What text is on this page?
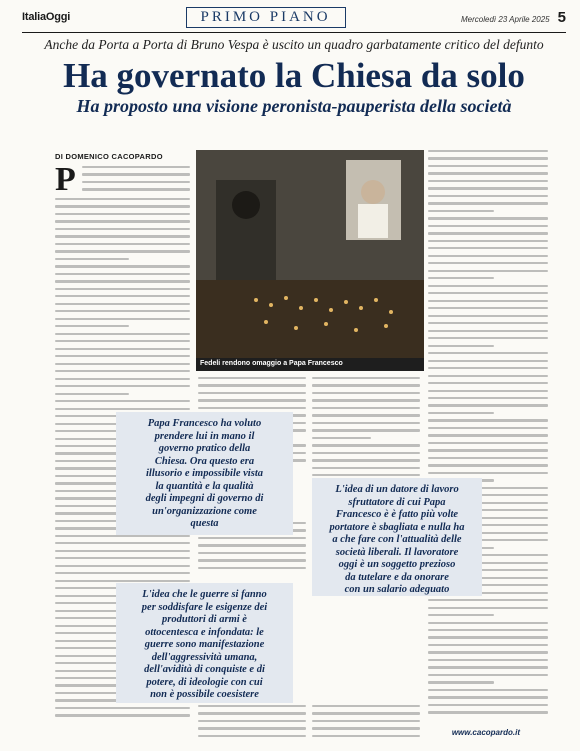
ItaliaOggi	PRIMO PIANO	Mercoledì 23 Aprile 2025 5
Anche da Porta a Porta di Bruno Vespa è uscito un quadro garbatamente critico del defunto
Ha governato la Chiesa da solo
Ha proposto una visione peronista-pauperista della società
DI DOMENICO CACOPARDO
P
Fedeli rendono omaggio a Papa Francesco
Papa Francesco ha voluto
prendere lui in mano il
governo pratico della
Chiesa. Ora questo era
illusorio e impossibile vista
la quantità e la qualità
degli impegni di governo di
un'organizzazione come
questa
L'idea che le guerre si fanno
per soddisfare le esigenze dei
produttori di armi è
ottocentesca e infondata: le
guerre sono manifestazione
dell'aggressività umana,
dell'avidità di conquiste e di
potere, di ideologie con cui
non è possibile coesistere
L'idea di un datore di lavoro
sfruttatore di cui Papa
Francesco è è fatto più volte
portatore è sbagliata e nulla ha
a che fare con l'attualità delle
società liberali. Il lavoratore
oggi è un soggetto prezioso
da tutelare e da onorare
con un salario adeguato
www.cacopardo.it
